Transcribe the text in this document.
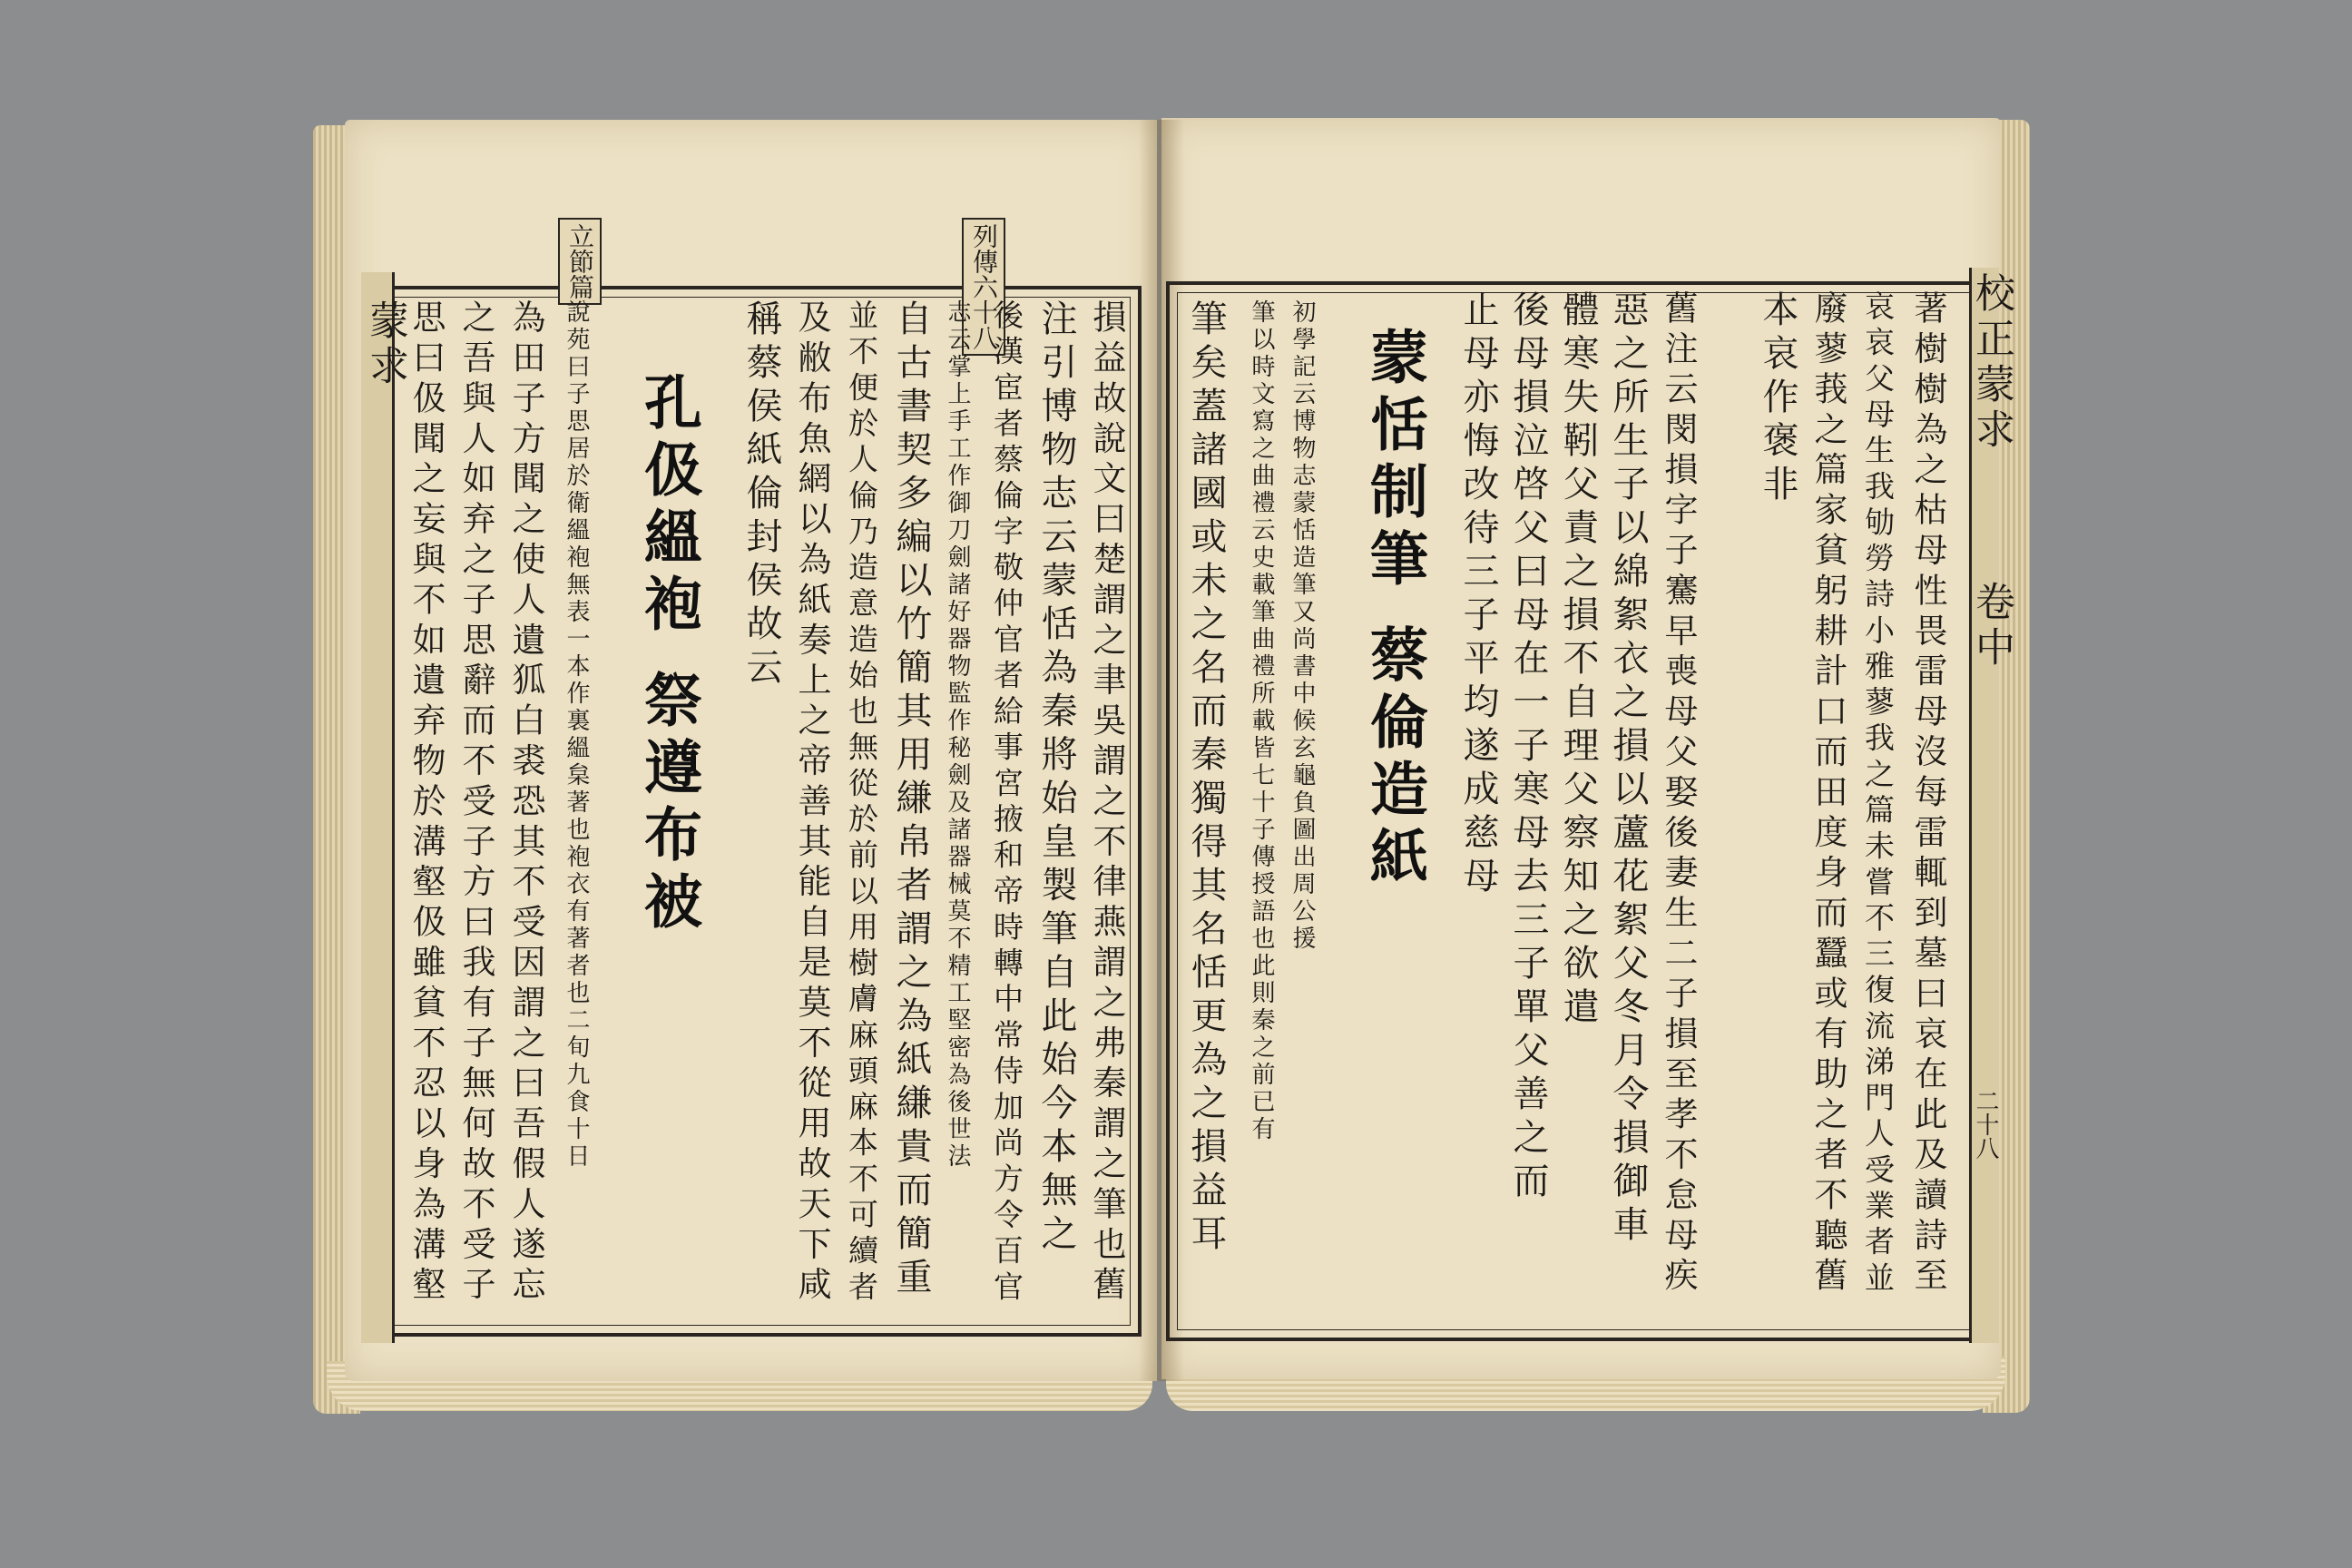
蒙求	列傳六十八
立節篇
損益故說文曰楚謂之聿吳謂之不律燕謂之弗秦謂之筆也舊
注引博物志云蒙恬為秦將始皇製筆自此始今本無之
後漢宦者蔡倫字敬仲官者給事宮掖和帝時轉中常侍加尚方令百官
志云掌上手工作御刀劍諸好器物監作秘劍及諸器械莫不精工堅密為後世法
自古書契多編以竹簡其用縑帛者謂之為紙縑貴而簡重
並不便於人倫乃造意造始也無從於前以用樹膚麻頭麻本不可續者
及敝布魚網以為紙奏上之帝善其能自是莫不從用故天下咸
稱蔡侯紙倫封侯故云
孔伋縕袍 祭遵布被
說苑曰子思居於衛縕袍無表一本作裏縕枲著也袍衣有著者也二旬九食十日
為田子方聞之使人遺狐白裘恐其不受因謂之曰吾假人遂忘
之吾與人如弃之子思辭而不受子方曰我有子無何故不受子
思曰伋聞之妄與不如遺弃物於溝壑伋雖貧不忍以身為溝壑	校正蒙求
卷中
二十八
著樹樹為之枯母性畏雷母沒每雷輒到墓曰哀在此及讀詩至
哀哀父母生我劬勞詩小雅蓼我之篇未嘗不三復流涕門人受業者並
廢蓼莪之篇家貧躬耕計口而田度身而蠶或有助之者不聽舊
本哀作褒非
舊注云閔損字子騫早喪母父娶後妻生二子損至孝不怠母疾
惡之所生子以綿絮衣之損以蘆花絮父冬月令損御車
體寒失靷父責之損不自理父察知之欲遣
後母損泣啓父曰母在一子寒母去三子單父善之而
止母亦悔改待三子平均遂成慈母
蒙恬制筆 蔡倫造紙
初學記云博物志蒙恬造筆又尚書中候玄龜負圖出周公援
筆以時文寫之曲禮云史載筆曲禮所載皆七十子傳授語也此則秦之前已有
筆矣蓋諸國或未之名而秦獨得其名恬更為之損益耳
